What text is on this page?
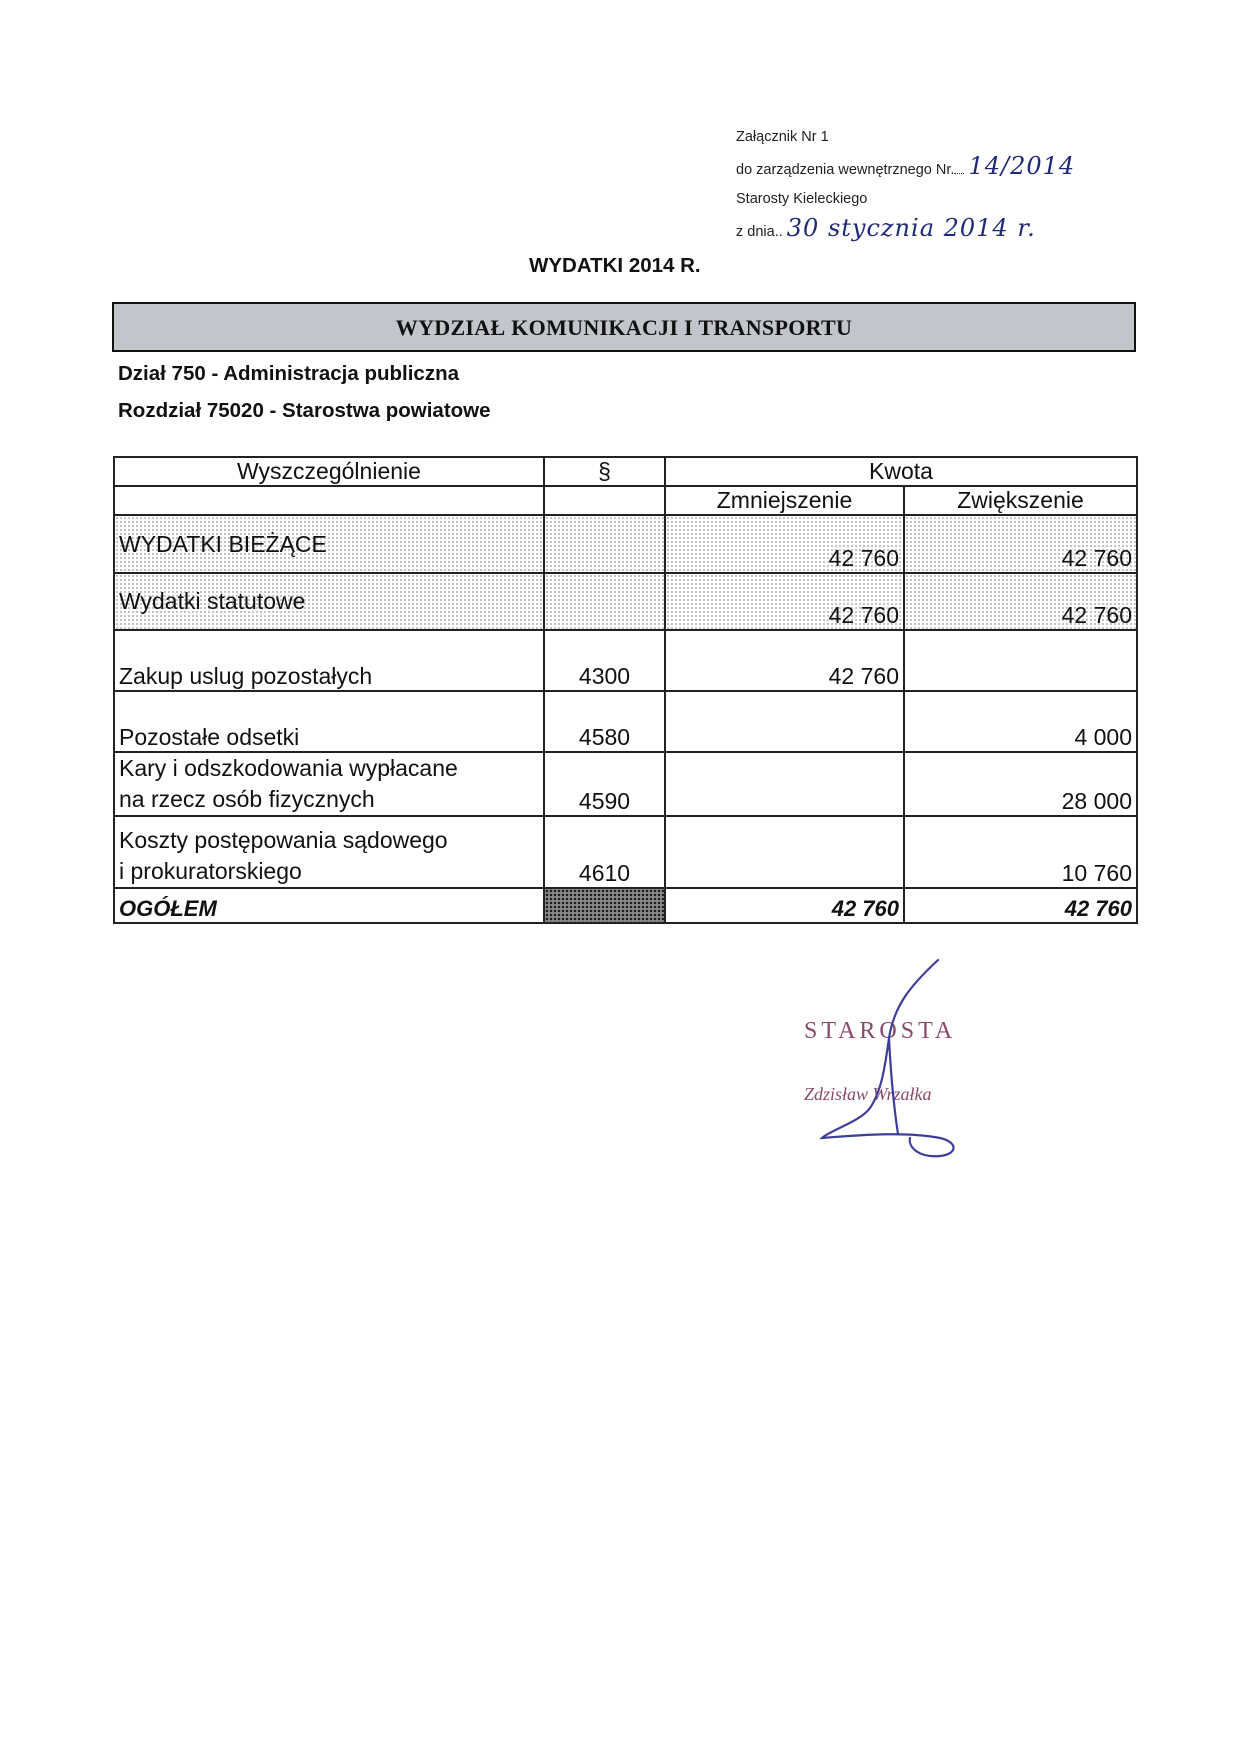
Załącznik Nr 1
do zarządzenia wewnętrznego Nr. 14/2014
Starosty Kieleckiego
z dnia.. 30 stycznia 2014 r.
WYDATKI 2014 R.
WYDZIAŁ KOMUNIKACJI I TRANSPORTU
Dział 750 - Administracja publiczna
Rozdział 75020 - Starostwa powiatowe
Wyszczególnienie	§	Kwota	
		Zmniejszenie	Zwiększenie
WYDATKI BIEŻĄCE		42 760	42 760
Wydatki statutowe		42 760	42 760
Zakup uslug pozostałych	4300	42 760	
Pozostałe odsetki	4580		4 000

Kary i odszkodowania wypłacane
na rzecz osób fizycznych	4590		28 000

Koszty postępowania sądowego
i prokuratorskiego	4610		10 760
OGÓŁEM		42 760	42 760
STAROSTA
Zdzisław Wrzałka
